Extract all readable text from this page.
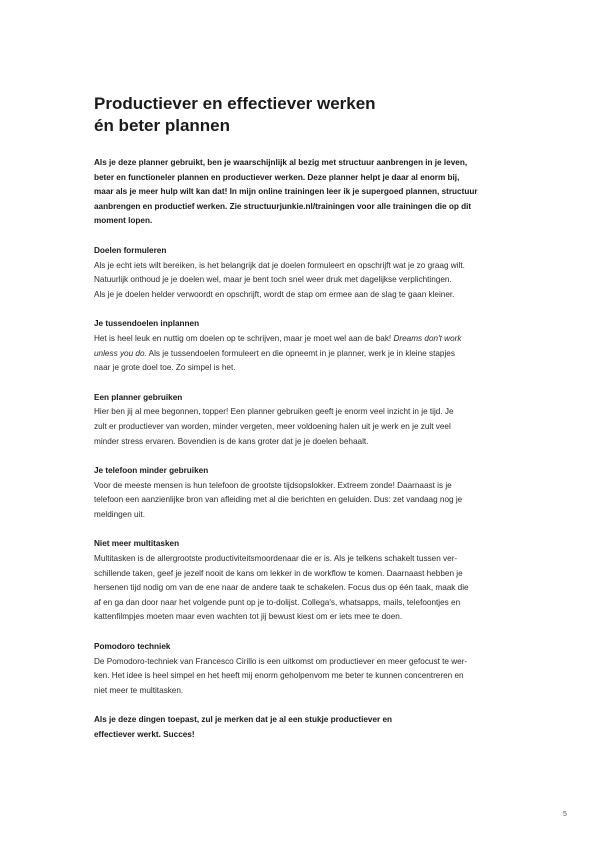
Productiever en effectiever werken
én beter plannen

Als je deze planner gebruikt, ben je waarschijnlijk al bezig met structuur aanbrengen in je leven,
beter en functioneler plannen en productiever werken. Deze planner helpt je daar al enorm bij,
maar als je meer hulp wilt kan dat! In mijn online trainingen leer ik je supergoed plannen, structuur
aanbrengen en productief werken. Zie structuurjunkie.nl/trainingen voor alle trainingen die op dit
moment lopen.

Doelen formuleren

Als je echt iets wilt bereiken, is het belangrijk dat je doelen formuleert en opschrijft wat je zo graag wilt.
Natuurlijk onthoud je je doelen wel, maar je bent toch snel weer druk met dagelijkse verplichtingen.
Als je je doelen helder verwoordt en opschrijft, wordt de stap om ermee aan de slag te gaan kleiner.

Je tussendoelen inplannen

Het is heel leuk en nuttig om doelen op te schrijven, maar je moet wel aan de bak! Dreams don't work
unless you do. Als je tussendoelen formuleert en die opneemt in je planner, werk je in kleine stapjes
naar je grote doel toe. Zo simpel is het.

Een planner gebruiken

Hier ben jij al mee begonnen, topper! Een planner gebruiken geeft je enorm veel inzicht in je tijd. Je
zult er productiever van worden, minder vergeten, meer voldoening halen uit je werk en je zult veel
minder stress ervaren. Bovendien is de kans groter dat je je doelen behaalt.

Je telefoon minder gebruiken

Voor de meeste mensen is hun telefoon de grootste tijdsopslokker. Extreem zonde! Daarnaast is je
telefoon een aanzienlijke bron van afleiding met al die berichten en geluiden. Dus: zet vandaag nog je
meldingen uit.

Niet meer multitasken

Multitasken is de allergrootste productiviteitsmoordenaar die er is. Als je telkens schakelt tussen ver-
schillende taken, geef je jezelf nooit de kans om lekker in de workflow te komen. Daarnaast hebben je
hersenen tijd nodig om van de ene naar de andere taak te schakelen. Focus dus op één taak, maak die
af en ga dan door naar het volgende punt op je to-dolijst. Collega's, whatsapps, mails, telefoontjes en
kattenfilmpjes moeten maar even wachten tot jij bewust kiest om er iets mee te doen.

Pomodoro techniek

De Pomodoro-techniek van Francesco Cirillo is een uitkomst om productiever en meer gefocust te wer-
ken. Het idee is heel simpel en het heeft mij enorm geholpenvom me beter te kunnen concentreren en
niet meer te multitasken.

Als je deze dingen toepast, zul je merken dat je al een stukje productiever en
effectiever werkt. Succes!

5
